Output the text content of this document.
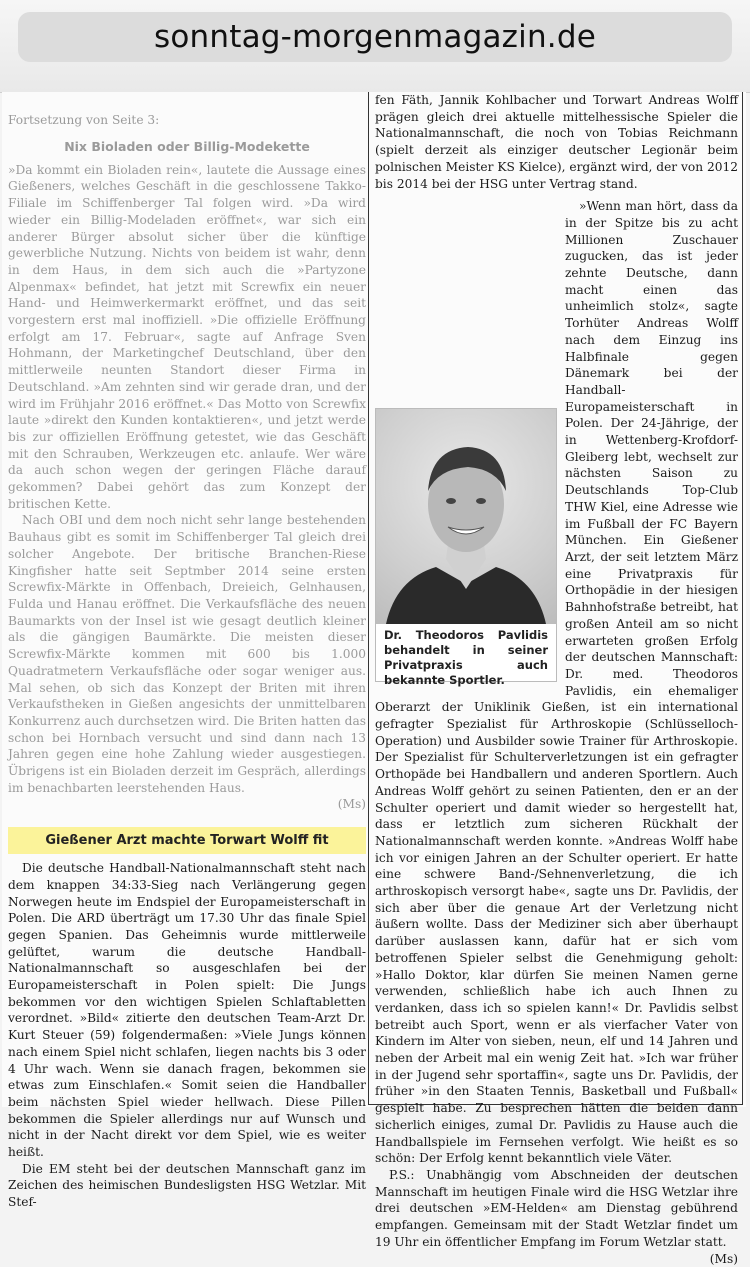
sonntag-morgenmagazin.de

Fortsetzung von Seite 3:

Nix Bioladen oder Billig-Modekette

»Da kommt ein Bioladen rein«, lautete die Aussage eines Gießeners, welches Geschäft in die geschlossene Takko-Filiale im Schiffenberger Tal folgen wird. »Da wird wieder ein Billig-Modeladen eröffnet«, war sich ein anderer Bürger absolut sicher über die künftige gewerbliche Nutzung. Nichts von beidem ist wahr, denn in dem Haus, in dem sich auch die »Partyzone Alpenmax« befindet, hat jetzt mit Screwfix ein neuer Hand- und Heimwerkermarkt eröffnet, und das seit vorgestern erst mal inoffiziell. »Die offizielle Eröffnung erfolgt am 17. Februar«, sagte auf Anfrage Sven Hohmann, der Marketingchef Deutschland, über den mittlerweile neunten Standort dieser Firma in Deutschland. »Am zehnten sind wir gerade dran, und der wird im Frühjahr 2016 eröffnet.« Das Motto von Screwfix laute »direkt den Kunden kontaktieren«, und jetzt werde bis zur offiziellen Eröffnung getestet, wie das Geschäft mit den Schrauben, Werkzeugen etc. anlaufe. Wer wäre da auch schon wegen der geringen Fläche darauf gekommen? Dabei gehört das zum Konzept der britischen Kette.

Nach OBI und dem noch nicht sehr lange bestehenden Bauhaus gibt es somit im Schiffenberger Tal gleich drei solcher Angebote. Der britische Branchen-Riese Kingfisher hatte seit Septmber 2014 seine ersten Screwfix-Märkte in Offenbach, Dreieich, Gelnhausen, Fulda und Hanau eröffnet. Die Verkaufsfläche des neuen Baumarkts von der Insel ist wie gesagt deutlich kleiner als die gängigen Baumärkte. Die meisten dieser Screwfix-Märkte kommen mit 600 bis 1.000 Quadratmetern Verkaufsfläche oder sogar weniger aus. Mal sehen, ob sich das Konzept der Briten mit ihren Verkaufstheken in Gießen angesichts der unmittelbaren Konkurrenz auch durchsetzen wird. Die Briten hatten das schon bei Hornbach versucht und sind dann nach 13 Jahren gegen eine hohe Zahlung wieder ausgestiegen. Übrigens ist ein Bioladen derzeit im Gespräch, allerdings im benachbarten leerstehenden Haus.

(Ms)

Gießener Arzt machte Torwart Wolff fit

Die deutsche Handball-Nationalmannschaft steht nach dem knappen 34:33-Sieg nach Verlängerung gegen Norwegen heute im Endspiel der Europameisterschaft in Polen. Die ARD überträgt um 17.30 Uhr das finale Spiel gegen Spanien. Das Geheimnis wurde mittlerweile gelüftet, warum die deutsche Handball-Nationalmannschaft so ausgeschlafen bei der Europameisterschaft in Polen spielt: Die Jungs bekommen vor den wichtigen Spielen Schlaftabletten verordnet. »Bild« zitierte den deutschen Team-Arzt Dr. Kurt Steuer (59) folgendermaßen: »Viele Jungs können nach einem Spiel nicht schlafen, liegen nachts bis 3 oder 4 Uhr wach. Wenn sie danach fragen, bekommen sie etwas zum Einschlafen.« Somit seien die Handballer beim nächsten Spiel wieder hellwach. Diese Pillen bekommen die Spieler allerdings nur auf Wunsch und nicht in der Nacht direkt vor dem Spiel, wie es weiter heißt.

Die EM steht bei der deutschen Mannschaft ganz im Zeichen des heimischen Bundesligsten HSG Wetzlar. Mit Stef-

fen Fäth, Jannik Kohlbacher und Torwart Andreas Wolff prägen gleich drei aktuelle mittelhessische Spieler die Nationalmannschaft, die noch von Tobias Reichmann (spielt derzeit als einziger deutscher Legionär beim polnischen Meister KS Kielce), ergänzt wird, der von 2012 bis 2014 bei der HSG unter Vertrag stand.

Dr. Theodoros Pavlidis behandelt in seiner Privatpraxis auch bekannte Sportler.

»Wenn man hört, dass da in der Spitze bis zu acht Millionen Zuschauer zugucken, das ist jeder zehnte Deutsche, dann macht einen das unheimlich stolz«, sagte Torhüter Andreas Wolff nach dem Einzug ins Halbfinale gegen Dänemark bei der Handball-Europameisterschaft in Polen. Der 24-Jährige, der in Wettenberg-Krofdorf-Gleiberg lebt, wechselt zur nächsten Saison zu Deutschlands Top-Club THW Kiel, eine Adresse wie im Fußball der FC Bayern München. Ein Gießener Arzt, der seit letztem März eine Privatpraxis für Orthopädie in der hiesigen Bahnhofstraße betreibt, hat großen Anteil am so nicht erwarteten großen Erfolg der deutschen Mannschaft: Dr. med. Theodoros Pavlidis, ein ehemaliger Oberarzt der Uniklinik Gießen, ist ein international gefragter Spezialist für Arthroskopie (Schlüsselloch-Operation) und Ausbilder sowie Trainer für Arthroskopie. Der Spezialist für Schulterverletzungen ist ein gefragter Orthopäde bei Handballern und anderen Sportlern. Auch Andreas Wolff gehört zu seinen Patienten, den er an der Schulter operiert und damit wieder so hergestellt hat, dass er letztlich zum sicheren Rückhalt der Nationalmannschaft werden konnte. »Andreas Wolff habe ich vor einigen Jahren an der Schulter operiert. Er hatte eine schwere Band-/Sehnenverletzung, die ich arthroskopisch versorgt habe«, sagte uns Dr. Pavlidis, der sich aber über die genaue Art der Verletzung nicht äußern wollte. Dass der Mediziner sich aber überhaupt darüber auslassen kann, dafür hat er sich vom betroffenen Spieler selbst die Genehmigung geholt: »Hallo Doktor, klar dürfen Sie meinen Namen gerne verwenden, schließlich habe ich auch Ihnen zu verdanken, dass ich so spielen kann!« Dr. Pavlidis selbst betreibt auch Sport, wenn er als vierfacher Vater von Kindern im Alter von sieben, neun, elf und 14 Jahren und neben der Arbeit mal ein wenig Zeit hat. »Ich war früher in der Jugend sehr sportaffin«, sagte uns Dr. Pavlidis, der früher »in den Staaten Tennis, Basketball und Fußball« gespielt habe. Zu besprechen hätten die beiden dann sicherlich einiges, zumal Dr. Pavlidis zu Hause auch die Handballspiele im Fernsehen verfolgt. Wie heißt es so schön: Der Erfolg kennt bekanntlich viele Väter.

P.S.: Unabhängig vom Abschneiden der deutschen Mannschaft im heutigen Finale wird die HSG Wetzlar ihre drei deutschen »EM-Helden« am Dienstag gebührend empfangen. Gemeinsam mit der Stadt Wetzlar findet um 19 Uhr ein öffentlicher Empfang im Forum Wetzlar statt.

(Ms)
